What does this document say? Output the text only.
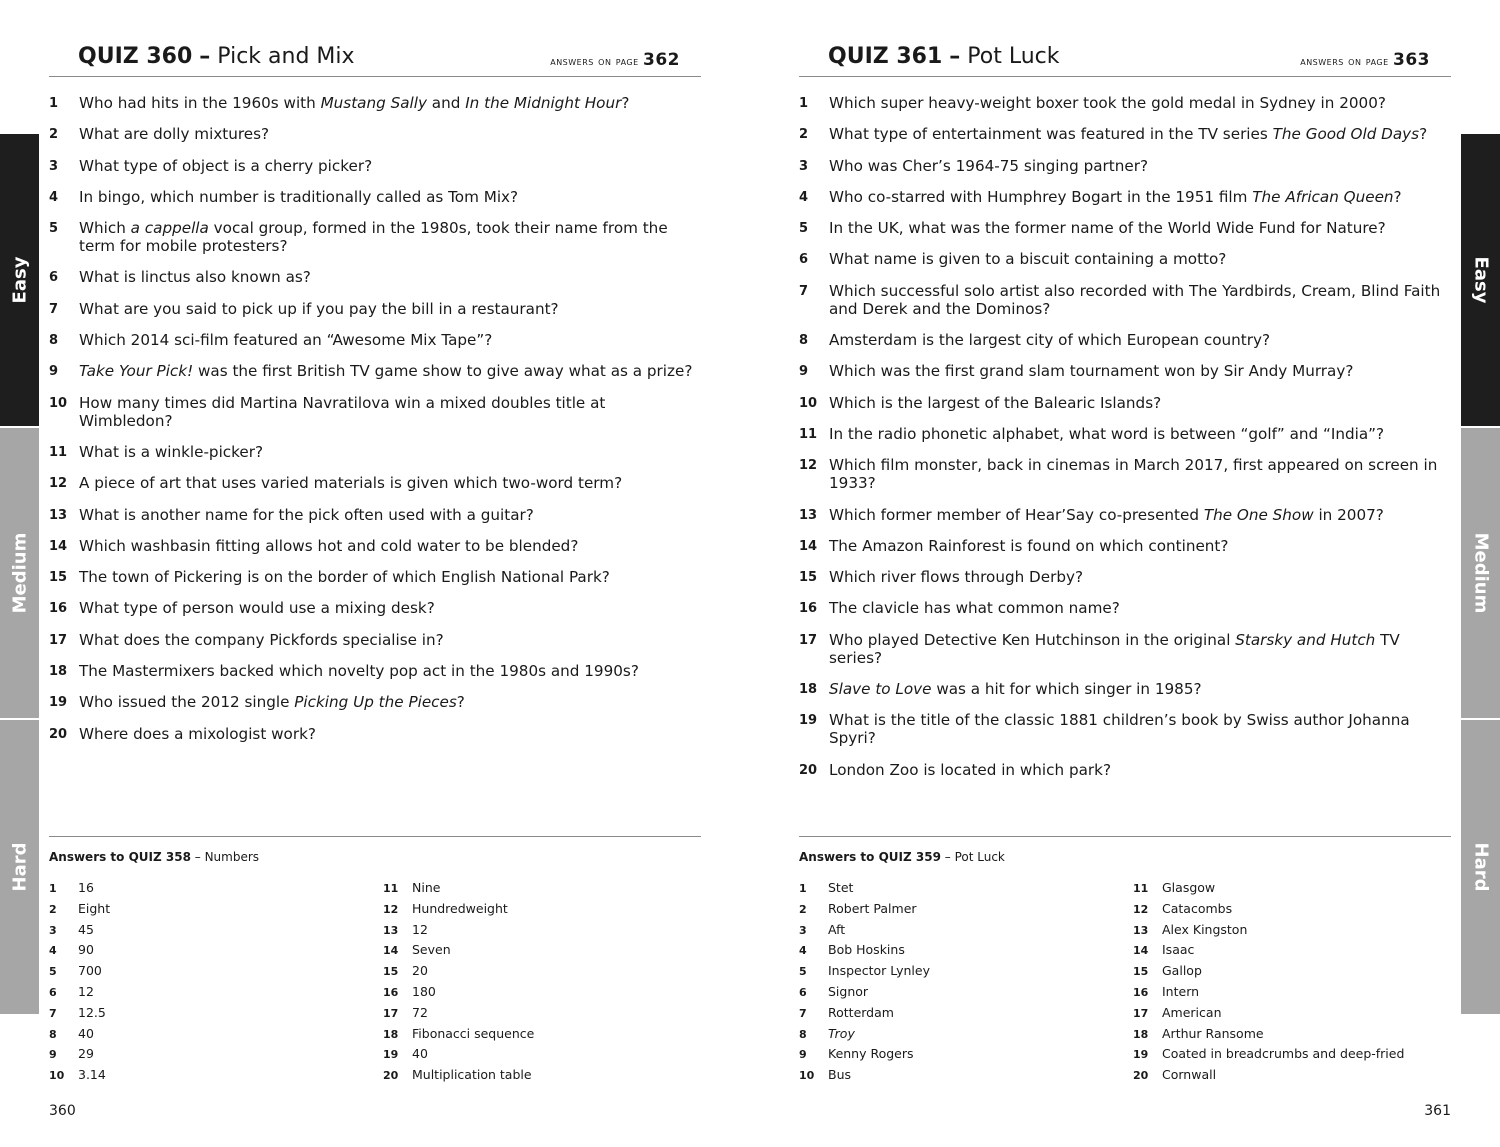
Easy
Medium
Hard
Easy
Medium
Hard
QUIZ 360 – Pick and Mix	answers on page 362
1 Who had hits in the 1960s with Mustang Sally and In the Midnight Hour?
2 What are dolly mixtures?
3 What type of object is a cherry picker?
4 In bingo, which number is traditionally called as Tom Mix?
5 Which a cappella vocal group, formed in the 1980s, took their name from the term for mobile protesters?
6 What is linctus also known as?
7 What are you said to pick up if you pay the bill in a restaurant?
8 Which 2014 sci-film featured an “Awesome Mix Tape”?
9 Take Your Pick! was the first British TV game show to give away what as a prize?
10 How many times did Martina Navratilova win a mixed doubles title at Wimbledon?
11 What is a winkle-picker?
12 A piece of art that uses varied materials is given which two-word term?
13 What is another name for the pick often used with a guitar?
14 Which washbasin fitting allows hot and cold water to be blended?
15 The town of Pickering is on the border of which English National Park?
16 What type of person would use a mixing desk?
17 What does the company Pickfords specialise in?
18 The Mastermixers backed which novelty pop act in the 1980s and 1990s?
19 Who issued the 2012 single Picking Up the Pieces?
20 Where does a mixologist work?
Answers to QUIZ 358 – Numbers
1 16
2 Eight
3 45
4 90
5 700
6 12
7 12.5
8 40
9 29
10 3.14
11 Nine
12 Hundredweight
13 12
14 Seven
15 20
16 180
17 72
18 Fibonacci sequence
19 40
20 Multiplication table
360
QUIZ 361 – Pot Luck	answers on page 363
1 Which super heavy-weight boxer took the gold medal in Sydney in 2000?
2 What type of entertainment was featured in the TV series The Good Old Days?
3 Who was Cher’s 1964-75 singing partner?
4 Who co-starred with Humphrey Bogart in the 1951 film The African Queen?
5 In the UK, what was the former name of the World Wide Fund for Nature?
6 What name is given to a biscuit containing a motto?
7 Which successful solo artist also recorded with The Yardbirds, Cream, Blind Faith and Derek and the Dominos?
8 Amsterdam is the largest city of which European country?
9 Which was the first grand slam tournament won by Sir Andy Murray?
10 Which is the largest of the Balearic Islands?
11 In the radio phonetic alphabet, what word is between “golf” and “India”?
12 Which film monster, back in cinemas in March 2017, first appeared on screen in 1933?
13 Which former member of Hear’Say co-presented The One Show in 2007?
14 The Amazon Rainforest is found on which continent?
15 Which river flows through Derby?
16 The clavicle has what common name?
17 Who played Detective Ken Hutchinson in the original Starsky and Hutch TV series?
18 Slave to Love was a hit for which singer in 1985?
19 What is the title of the classic 1881 children’s book by Swiss author Johanna Spyri?
20 London Zoo is located in which park?
Answers to QUIZ 359 – Pot Luck
1 Stet
2 Robert Palmer
3 Aft
4 Bob Hoskins
5 Inspector Lynley
6 Signor
7 Rotterdam
8 Troy
9 Kenny Rogers
10 Bus
11 Glasgow
12 Catacombs
13 Alex Kingston
14 Isaac
15 Gallop
16 Intern
17 American
18 Arthur Ransome
19 Coated in breadcrumbs and deep-fried
20 Cornwall
361
